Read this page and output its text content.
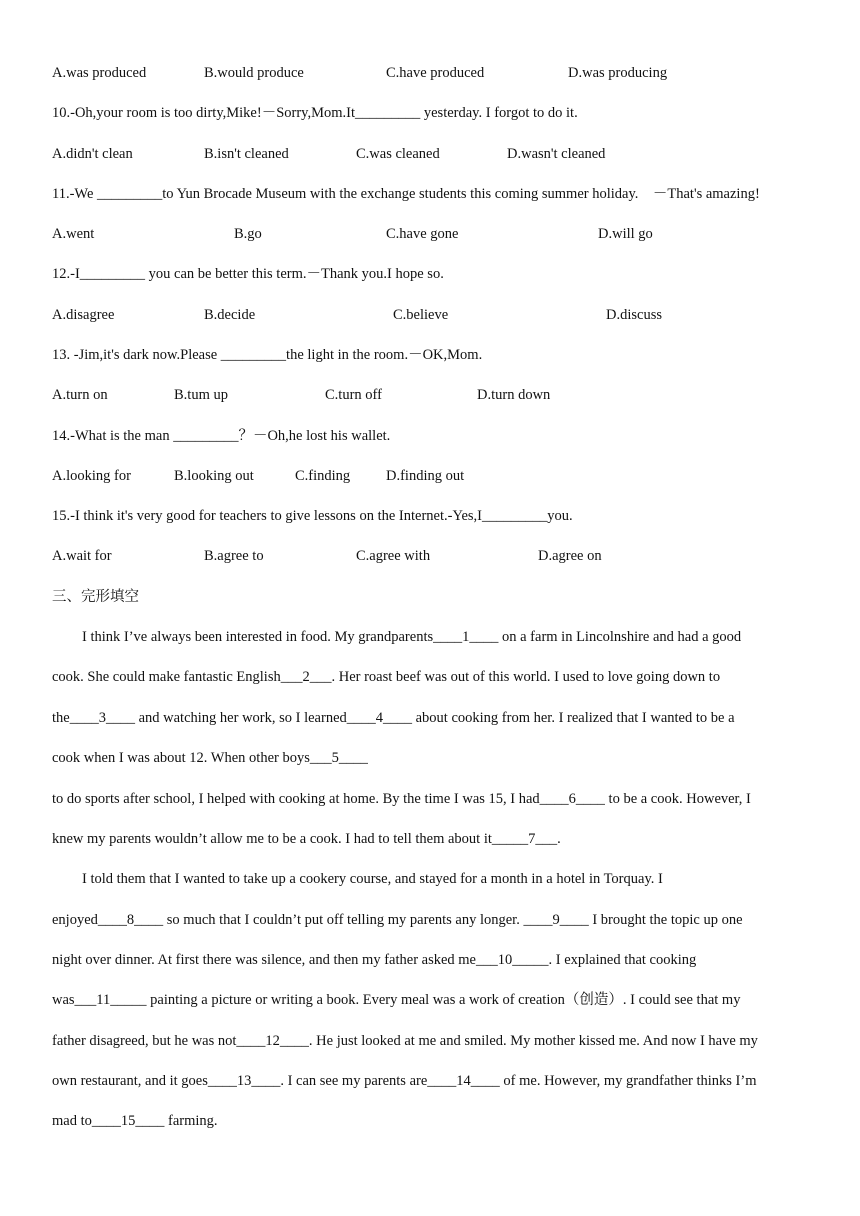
A.was produced	B.would produce	C.have produced	D.was producing
10.-Oh,your room is too dirty,Mike!－Sorry,Mom.It_________ yesterday. I forgot to do it.
A.didn't clean	B.isn't cleaned	C.was cleaned	D.wasn't cleaned
11.-We _________to Yun Brocade Museum with the exchange students this coming summer holiday.　－That's amazing!
A.went	B.go	C.have gone	D.will go
12.-I_________ you can be better this term.－Thank you.I hope so.
A.disagree	B.decide	C.believe	D.discuss
13. -Jim,it's dark now.Please _________the light in the room.－OK,Mom.
A.turn on	B.tum up	C.turn off	D.turn down
14.-What is the man _________？－Oh,he lost his wallet.
A.looking for	B.looking out	C.finding D.finding out
15.-I think it's very good for teachers to give lessons on the Internet.-Yes,I_________you.
A.wait for	B.agree to	C.agree with	D.agree on
三、完形填空
I think I’ve always been interested in food. My grandparents____1____ on a farm in Lincolnshire and had a good
cook. She could make fantastic English___2___. Her roast beef was out of this world. I used to love going down to
the____3____ and watching her work, so I learned____4____ about cooking from her. I realized that I wanted to be a
cook when I was about 12. When other boys___5____
to do sports after school, I helped with cooking at home. By the time I was 15, I had____6____ to be a cook. However, I
knew my parents wouldn’t allow me to be a cook. I had to tell them about it_____7___.
I told them that I wanted to take up a cookery course, and stayed for a month in a hotel in Torquay. I
enjoyed____8____ so much that I couldn’t put off telling my parents any longer. ____9____ I brought the topic up one
night over dinner. At first there was silence, and then my father asked me___10_____. I explained that cooking
was___11_____ painting a picture or writing a book. Every meal was a work of creation（创造）. I could see that my
father disagreed, but he was not____12____. He just looked at me and smiled. My mother kissed me. And now I have my
own restaurant, and it goes____13____. I can see my parents are____14____ of me. However, my grandfather thinks I’m
mad to____15____ farming.
